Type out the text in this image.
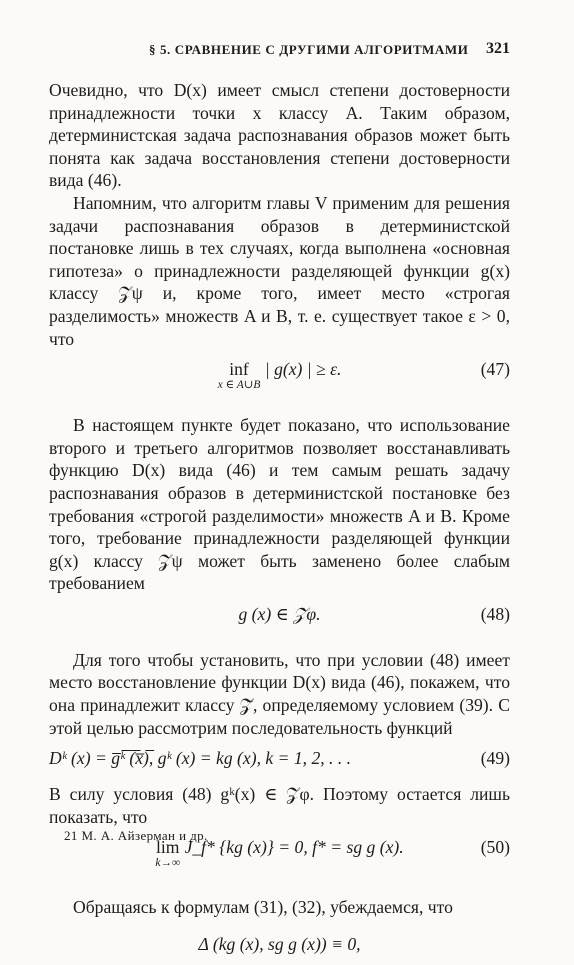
§ 5. СРАВНЕНИЕ С ДРУГИМИ АЛГОРИТМАМИ 321

Очевидно, что D(x) имеет смысл степени достоверности принадлежности точки x классу A. Таким образом, детерминистская задача распознавания образов может быть понята как задача восстановления степени достоверности вида (46).

Напомним, что алгоритм главы V применим для решения задачи распознавания образов в детерминистской постановке лишь в тех случаях, когда выполнена «основная гипотеза» о принадлежности разделяющей функции g(x) классу 𝒵ψ и, кроме того, имеет место «строгая разделимость» множеств A и B, т. е. существует такое ε > 0, что

inf
x ∈ A∪B
| g(x) | ≥ ε.	(47)

В настоящем пункте будет показано, что использование второго и третьего алгоритмов позволяет восстанавливать функцию D(x) вида (46) и тем самым решать задачу распознавания образов в детерминистской постановке без требования «строгой разделимости» множеств A и B. Кроме того, требование принадлежности разделяющей функции g(x) классу 𝒵ψ может быть заменено более слабым требованием

g (x) ∈ 𝒵φ.	(48)

Для того чтобы установить, что при условии (48) имеет место восстановление функции D(x) вида (46), покажем, что она принадлежит классу 𝒵̃, определяемому условием (39). С этой целью рассмотрим последовательность функций

Dᵏ (x) = g̅ᵏ̅ ̅(̅x̅)̅, gᵏ (x) = kg (x), k = 1, 2, . . .	(49)

В силу условия (48) gᵏ(x) ∈ 𝒵φ. Поэтому остается лишь показать, что

lim
k→∞
J_f* {kg (x)} = 0, f* = sg g (x).	(50)

Обращаясь к формулам (31), (32), убеждаемся, что

Δ (kg (x), sg g (x)) ≡ 0,
21 М. А. Айзерман и др.
